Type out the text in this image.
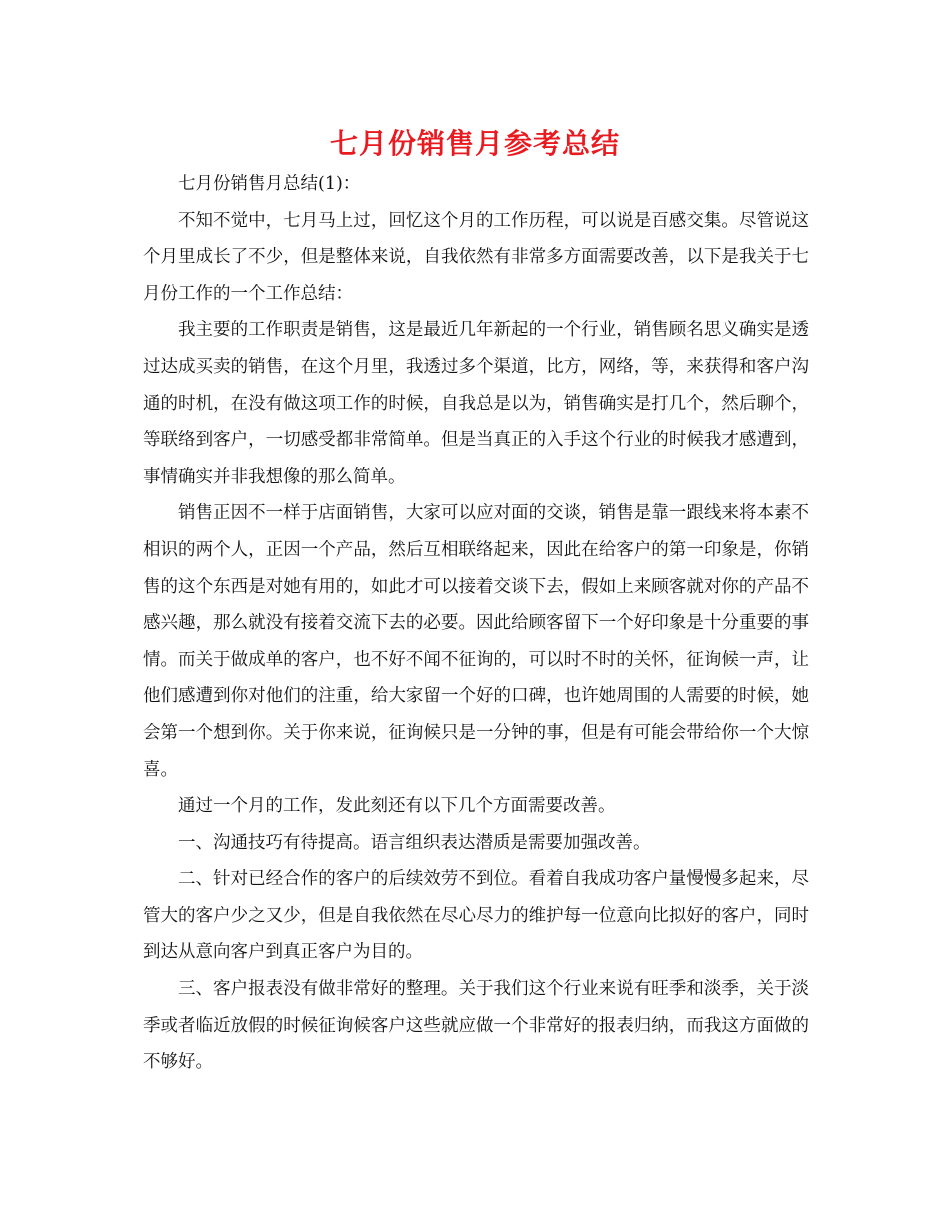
七月份销售月参考总结

七月份销售月总结(1)：

不知不觉中，七月马上过，回忆这个月的工作历程，可以说是百感交集。尽管说这个月里成长了不少，但是整体来说，自我依然有非常多方面需要改善，以下是我关于七月份工作的一个工作总结：

我主要的工作职责是销售，这是最近几年新起的一个行业，销售顾名思义确实是透过达成买卖的销售，在这个月里，我透过多个渠道，比方，网络，等，来获得和客户沟通的时机，在没有做这项工作的时候，自我总是以为，销售确实是打几个，然后聊个，等联络到客户，一切感受都非常简单。但是当真正的入手这个行业的时候我才感遭到，事情确实并非我想像的那么简单。

销售正因不一样于店面销售，大家可以应对面的交谈，销售是靠一跟线来将本素不相识的两个人，正因一个产品，然后互相联络起来，因此在给客户的第一印象是，你销售的这个东西是对她有用的，如此才可以接着交谈下去，假如上来顾客就对你的产品不感兴趣，那么就没有接着交流下去的必要。因此给顾客留下一个好印象是十分重要的事情。而关于做成单的客户，也不好不闻不征询的，可以时不时的关怀，征询候一声，让他们感遭到你对他们的注重，给大家留一个好的口碑，也许她周围的人需要的时候，她会第一个想到你。关于你来说，征询候只是一分钟的事，但是有可能会带给你一个大惊喜。

通过一个月的工作，发此刻还有以下几个方面需要改善。

一、沟通技巧有待提高。语言组织表达潜质是需要加强改善。

二、针对已经合作的客户的后续效劳不到位。看着自我成功客户量慢慢多起来，尽管大的客户少之又少，但是自我依然在尽心尽力的维护每一位意向比拟好的客户，同时到达从意向客户到真正客户为目的。

三、客户报表没有做非常好的整理。关于我们这个行业来说有旺季和淡季，关于淡季或者临近放假的时候征询候客户这些就应做一个非常好的报表归纳，而我这方面做的不够好。
